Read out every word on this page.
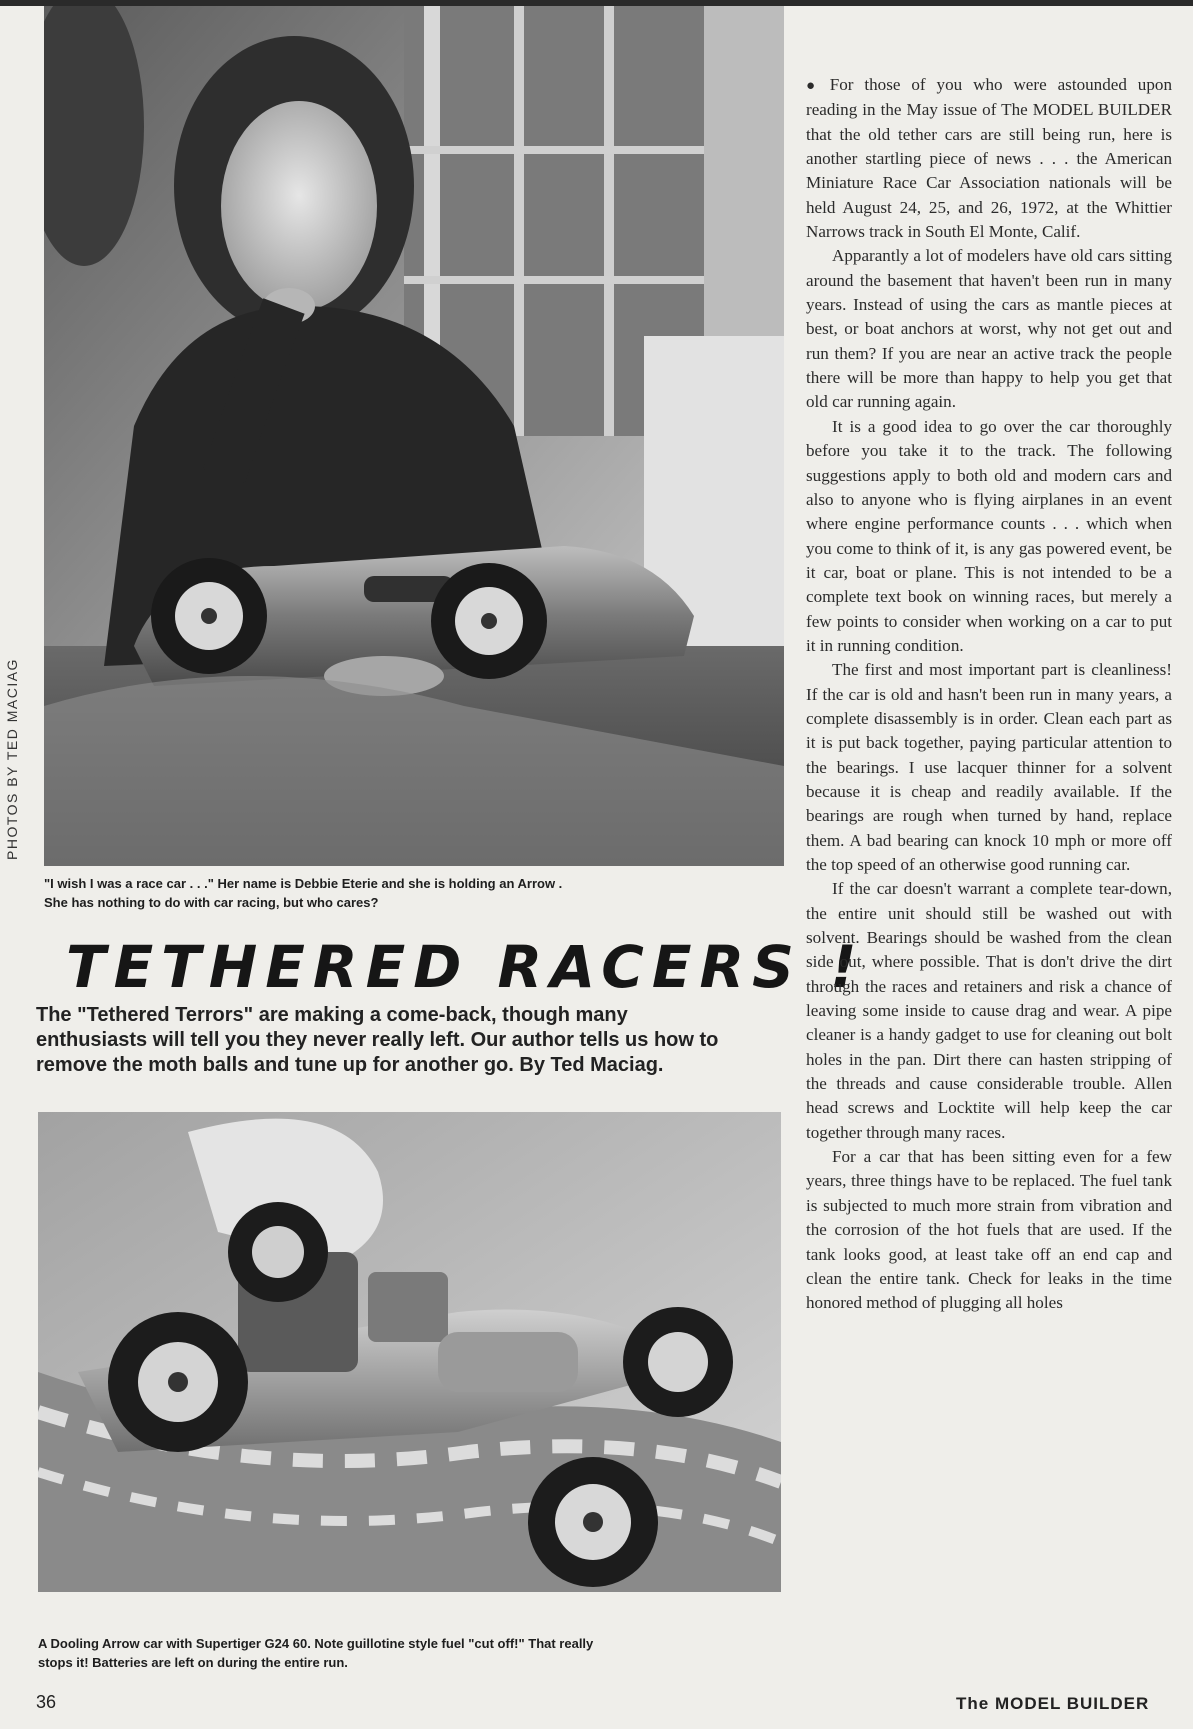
PHOTOS BY TED MACIAG
"I wish I was a race car . . ." Her name is Debbie Eterie and she is holding an Arrow .
She has nothing to do with car racing, but who cares?
TETHERED RACERS !
The "Tethered Terrors" are making a come-back, though many
enthusiasts will tell you they never really left. Our author tells us how to
remove the moth balls and tune up for another go. By Ted Maciag.
A Dooling Arrow car with Supertiger G24 60. Note guillotine style fuel "cut off!" That really
stops it! Batteries are left on during the entire run.

● For those of you who were astounded upon reading in the May issue of The MODEL BUILDER that the old tether cars are still being run, here is another startling piece of news . . . the American Miniature Race Car Association nationals will be held August 24, 25, and 26, 1972, at the Whittier Narrows track in South El Monte, Calif.

Apparantly a lot of modelers have old cars sitting around the basement that haven't been run in many years. Instead of using the cars as mantle pieces at best, or boat anchors at worst, why not get out and run them? If you are near an active track the people there will be more than happy to help you get that old car running again.

It is a good idea to go over the car thoroughly before you take it to the track. The following suggestions apply to both old and modern cars and also to anyone who is flying airplanes in an event where engine performance counts . . . which when you come to think of it, is any gas powered event, be it car, boat or plane. This is not intended to be a complete text book on winning races, but merely a few points to consider when working on a car to put it in running condition.

The first and most important part is cleanliness! If the car is old and hasn't been run in many years, a complete disassembly is in order. Clean each part as it is put back together, paying particular attention to the bearings. I use lacquer thinner for a solvent because it is cheap and readily available. If the bearings are rough when turned by hand, replace them. A bad bearing can knock 10 mph or more off the top speed of an otherwise good running car.

If the car doesn't warrant a complete tear-down, the entire unit should still be washed out with solvent. Bearings should be washed from the clean side out, where possible. That is don't drive the dirt through the races and retainers and risk a chance of leaving some inside to cause drag and wear. A pipe cleaner is a handy gadget to use for cleaning out bolt holes in the pan. Dirt there can hasten stripping of the threads and cause considerable trouble. Allen head screws and Locktite will help keep the car together through many races.

For a car that has been sitting even for a few years, three things have to be replaced. The fuel tank is subjected to much more strain from vibration and the corrosion of the hot fuels that are used. If the tank looks good, at least take off an end cap and clean the entire tank. Check for leaks in the time honored method of plugging all holes

36	The MODEL BUILDER
